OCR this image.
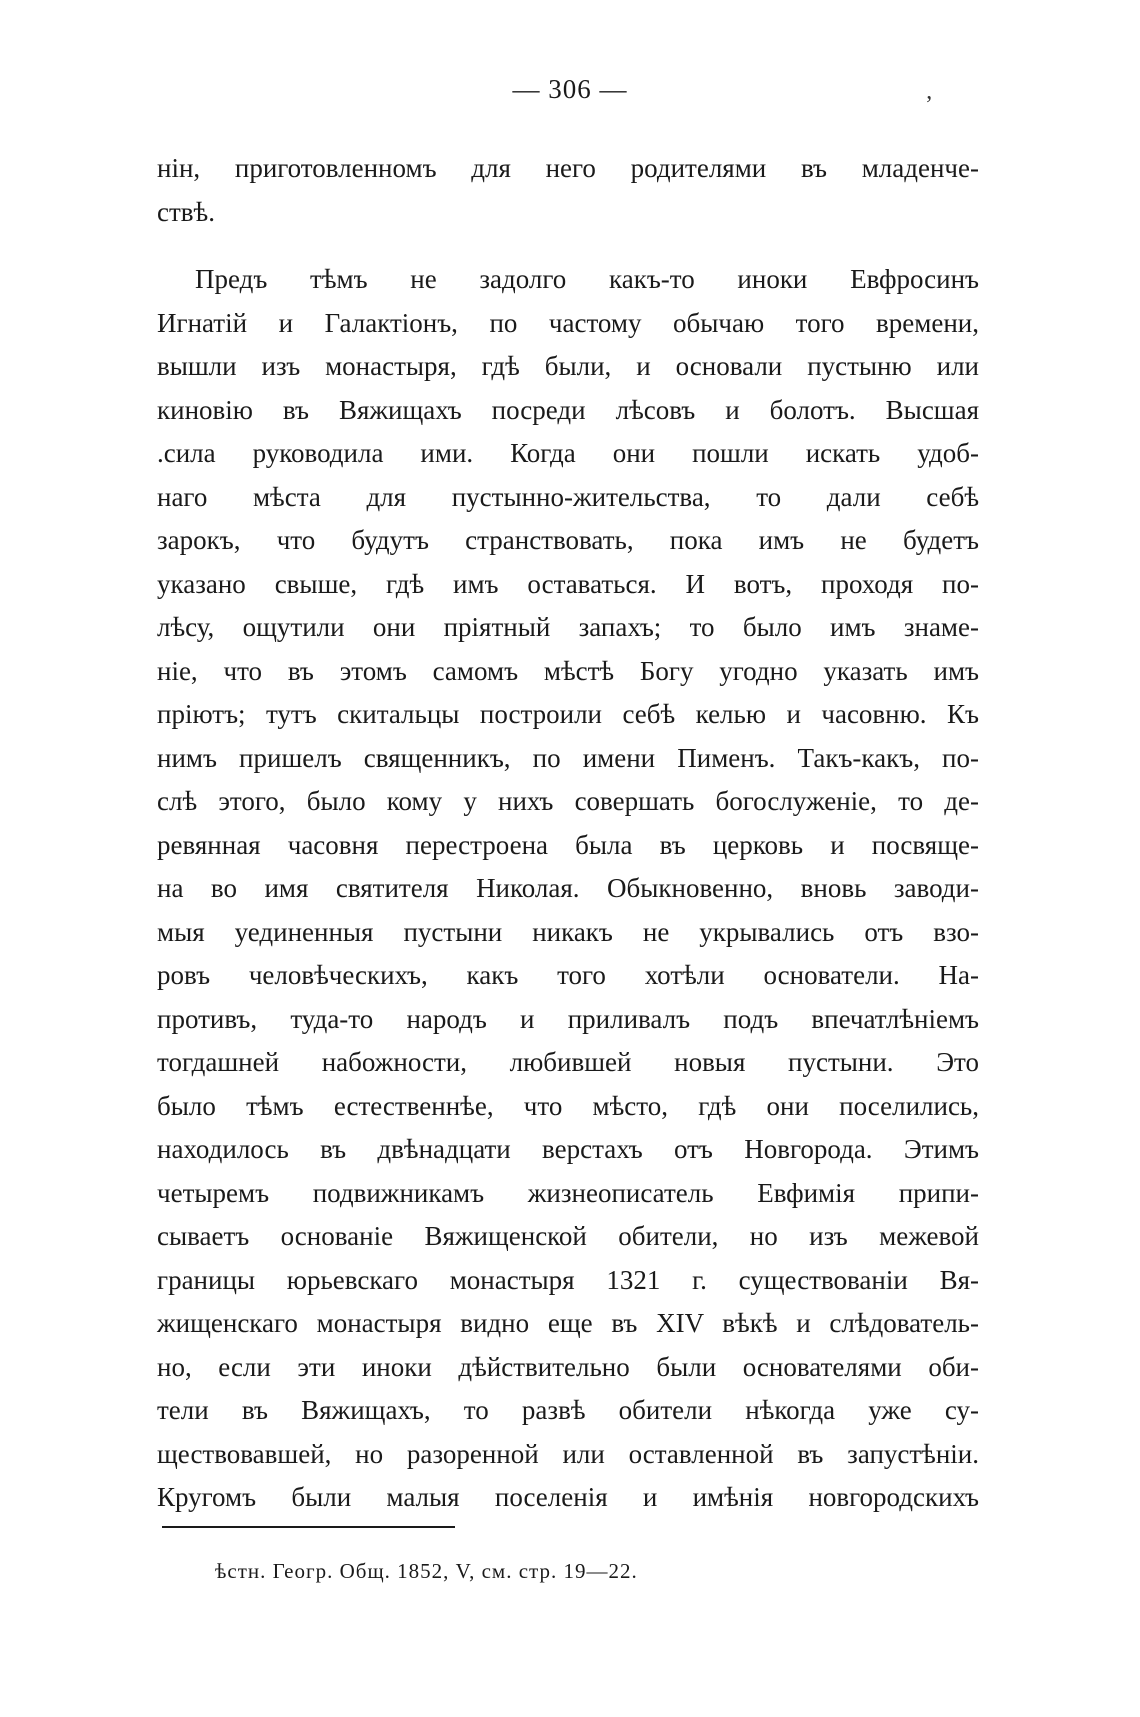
— 306 —
ʼ
нін, приготовленномъ для него родителями въ младенче-
ствѣ.
Предъ тѣмъ не задолго какъ-то иноки Евфросинъ
Игнатій и Галактіонъ, по частому обычаю того времени,
вышли изъ монастыря, гдѣ были, и основали пустыню или
киновію въ Вяжищахъ посреди лѣсовъ и болотъ. Высшая
.сила руководила ими. Когда они пошли искать удоб-
наго мѣста для пустынно-жительства, то дали себѣ
зарокъ, что будутъ странствовать, пока имъ не будетъ
указано свыше, гдѣ имъ оставаться. И вотъ, проходя по-
лѣсу, ощутили они пріятный запахъ; то было имъ знаме-
ніе, что въ этомъ самомъ мѣстѣ Богу угодно указать имъ
пріютъ; тутъ скитальцы построили себѣ келью и часовню. Къ
нимъ пришелъ священникъ, по имени Пименъ. Такъ-какъ, по-
слѣ этого, было кому у нихъ совершать богослуженіе, то де-
ревянная часовня перестроена была въ церковь и посвяще-
на во имя святителя Николая. Обыкновенно, вновь заводи-
мыя уединенныя пустыни никакъ не укрывались отъ взо-
ровъ человѣческихъ, какъ того хотѣли основатели. На-
противъ, туда-то народъ и приливалъ подъ впечатлѣніемъ
тогдашней набожности, любившей новыя пустыни. Это
было тѣмъ естественнѣе, что мѣсто, гдѣ они поселились,
находилось въ двѣнадцати верстахъ отъ Новгорода. Этимъ
четыремъ подвижникамъ жизнеописатель Евфимія припи-
сываетъ основаніе Вяжищенской обители, но изъ межевой
границы юрьевскаго монастыря 1321 г. существованіи Вя-
жищенскаго монастыря видно еще въ XIV вѣкѣ и слѣдователь-
но, если эти иноки дѣйствительно были основателями оби-
тели въ Вяжищахъ, то развѣ обители нѣкогда уже су-
ществовавшей, но разоренной или оставленной въ запустѣніи.
Кругомъ были малыя поселенія и имѣнія новгородскихъ
ѣстн. Геогр. Общ. 1852, V, см. стр. 19—22.
